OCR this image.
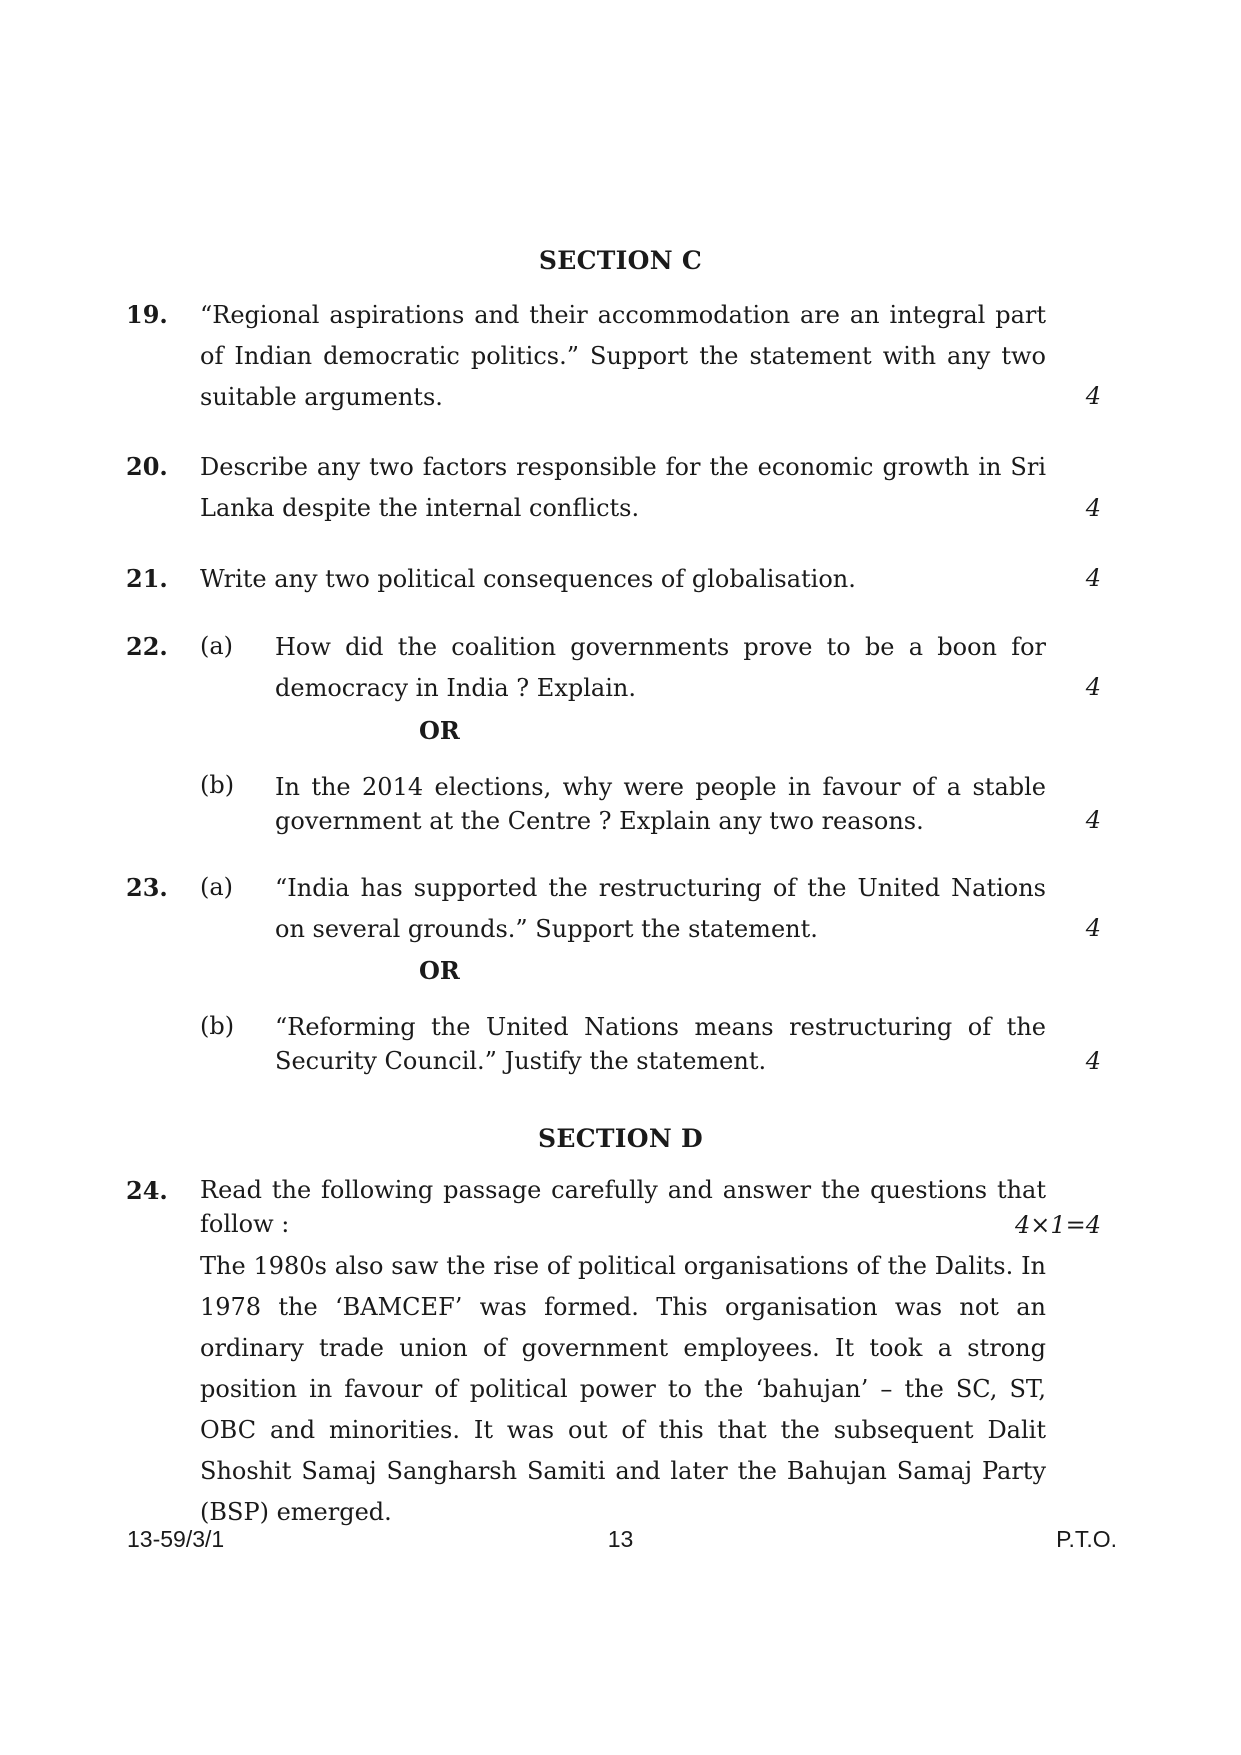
SECTION C
19. “Regional aspirations and their accommodation are an integral part of Indian democratic politics.” Support the statement with any two suitable arguments.	4
20. Describe any two factors responsible for the economic growth in Sri Lanka despite the internal conflicts.	4
21. Write any two political consequences of globalisation.	4
22. (a) How did the coalition governments prove to be a boon for democracy in India ? Explain.	4
OR
(b) In the 2014 elections, why were people in favour of a stable government at the Centre ? Explain any two reasons.	4
23. (a) “India has supported the restructuring of the United Nations on several grounds.” Support the statement.	4
OR
(b) “Reforming the United Nations means restructuring of the Security Council.” Justify the statement.	4
SECTION D
24. Read the following passage carefully and answer the questions that follow :	4×1=4
The 1980s also saw the rise of political organisations of the Dalits. In 1978 the ‘BAMCEF’ was formed. This organisation was not an ordinary trade union of government employees. It took a strong position in favour of political power to the ‘bahujan’ – the SC, ST, OBC and minorities. It was out of this that the subsequent Dalit Shoshit Samaj Sangharsh Samiti and later the Bahujan Samaj Party (BSP) emerged.
13-59/3/1	13	P.T.O.
